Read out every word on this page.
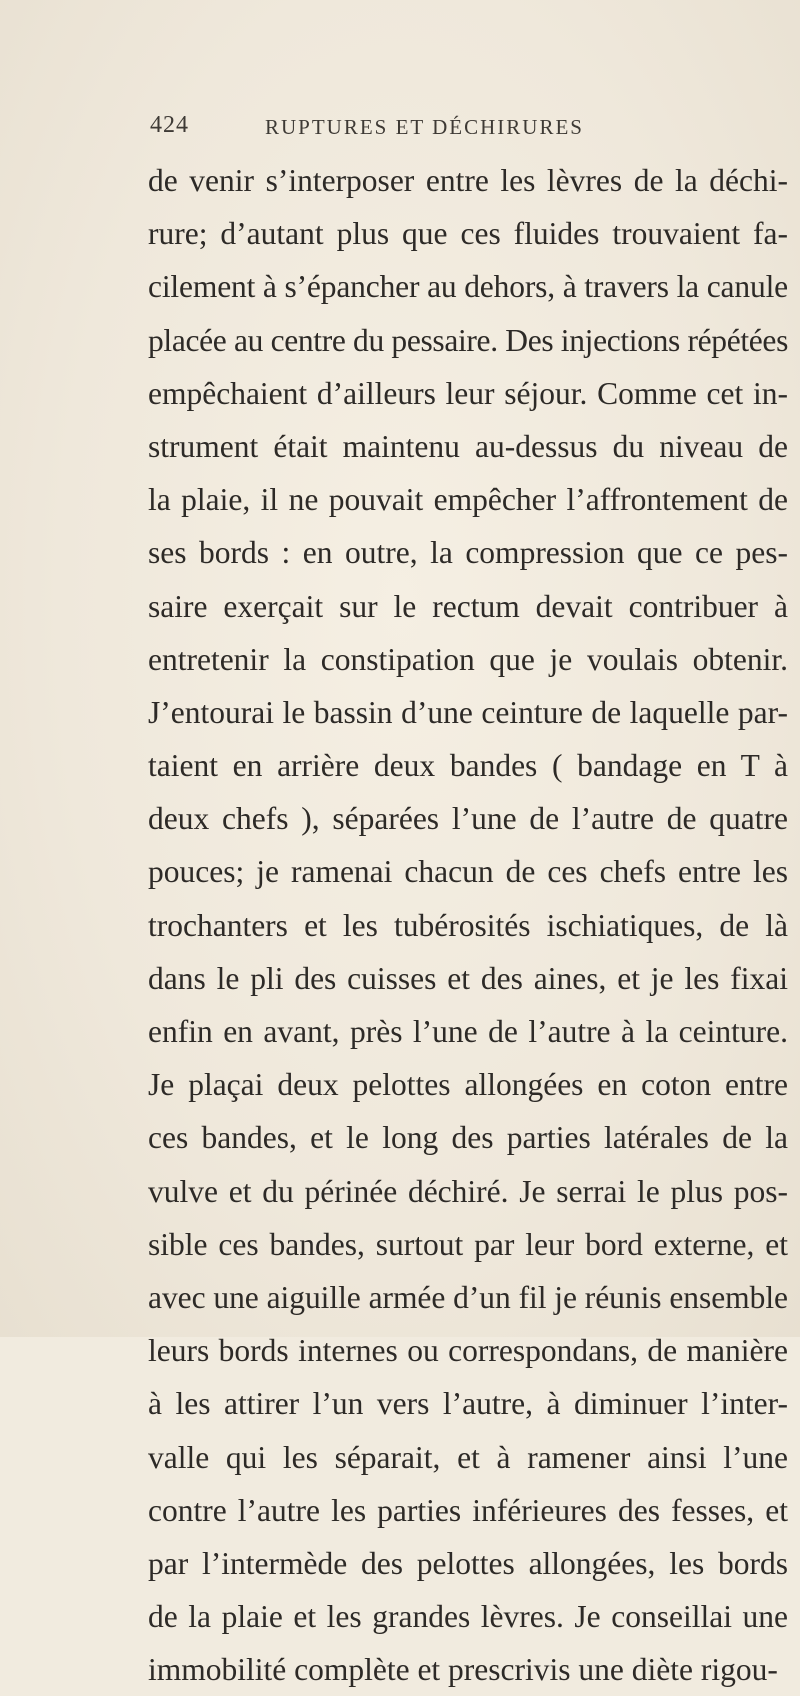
424	RUPTURES ET DÉCHIRURES
de venir s’interposer entre les lèvres de la déchi-
rure; d’autant plus que ces fluides trouvaient fa-
cilement à s’épancher au dehors, à travers la canule
placée au centre du pessaire. Des injections répétées
empêchaient d’ailleurs leur séjour. Comme cet in-
strument était maintenu au-dessus du niveau de
la plaie, il ne pouvait empêcher l’affrontement de
ses bords : en outre, la compression que ce pes-
saire exerçait sur le rectum devait contribuer à
entretenir la constipation que je voulais obtenir.
J’entourai le bassin d’une ceinture de laquelle par-
taient en arrière deux bandes ( bandage en T à
deux chefs ), séparées l’une de l’autre de quatre
pouces; je ramenai chacun de ces chefs entre les
trochanters et les tubérosités ischiatiques, de là
dans le pli des cuisses et des aines, et je les fixai
enfin en avant, près l’une de l’autre à la ceinture.
Je plaçai deux pelottes allongées en coton entre
ces bandes, et le long des parties latérales de la
vulve et du périnée déchiré. Je serrai le plus pos-
sible ces bandes, surtout par leur bord externe, et
avec une aiguille armée d’un fil je réunis ensemble
leurs bords internes ou correspondans, de manière
à les attirer l’un vers l’autre, à diminuer l’inter-
valle qui les séparait, et à ramener ainsi l’une
contre l’autre les parties inférieures des fesses, et
par l’intermède des pelottes allongées, les bords
de la plaie et les grandes lèvres. Je conseillai une
immobilité complète et prescrivis une diète rigou-
